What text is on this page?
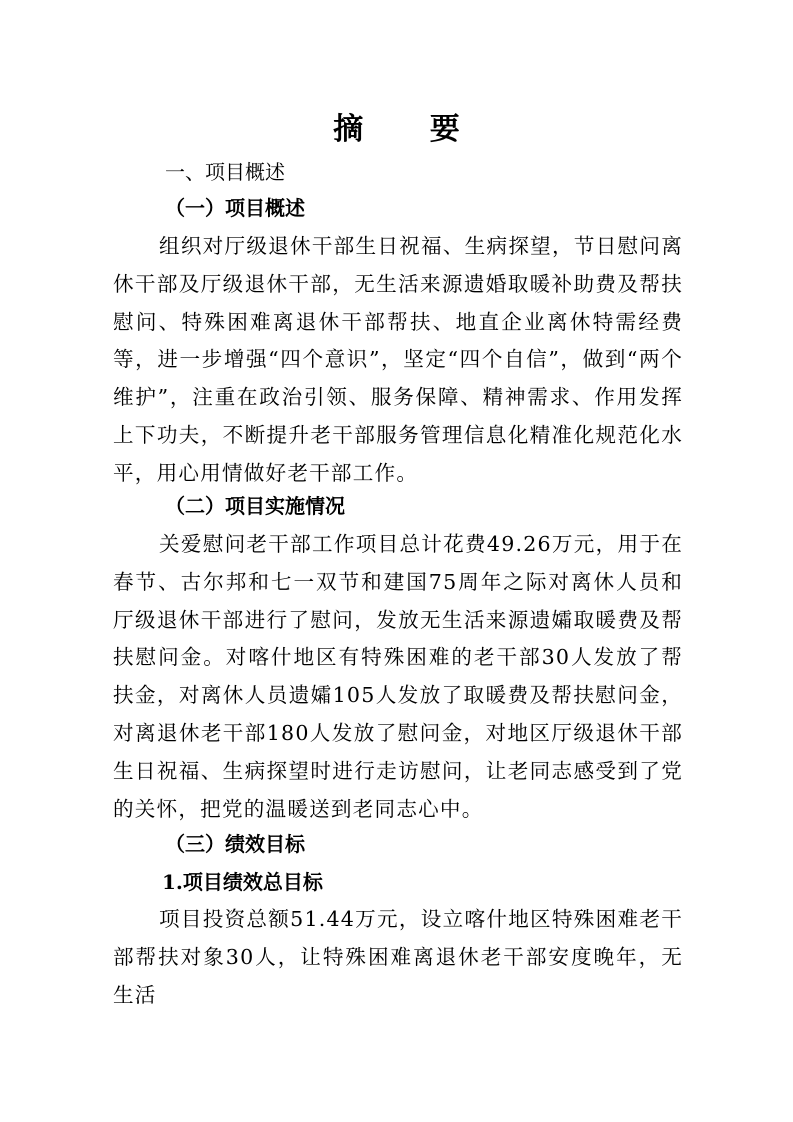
摘 要
一、项目概述
（一）项目概述

组织对厅级退休干部生日祝福、生病探望，节日慰问离休干部及厅级退休干部，无生活来源遗婚取暖补助费及帮扶慰问、特殊困难离退休干部帮扶、地直企业离休特需经费等，进一步增强“四个意识”，坚定“四个自信”，做到“两个维护”，注重在政治引领、服务保障、精神需求、作用发挥上下功夫，不断提升老干部服务管理信息化精准化规范化水平，用心用情做好老干部工作。

（二）项目实施情况

关爱慰问老干部工作项目总计花费49.26万元，用于在春节、古尔邦和七一双节和建国75周年之际对离休人员和厅级退休干部进行了慰问，发放无生活来源遗孀取暖费及帮扶慰问金。对喀什地区有特殊困难的老干部30人发放了帮扶金，对离休人员遗孀105人发放了取暖费及帮扶慰问金，对离退休老干部180人发放了慰问金，对地区厅级退休干部生日祝福、生病探望时进行走访慰问，让老同志感受到了党的关怀，把党的温暖送到老同志心中。

（三）绩效目标
1.项目绩效总目标

项目投资总额51.44万元，设立喀什地区特殊困难老干部帮扶对象30人，让特殊困难离退休老干部安度晚年，无生活
